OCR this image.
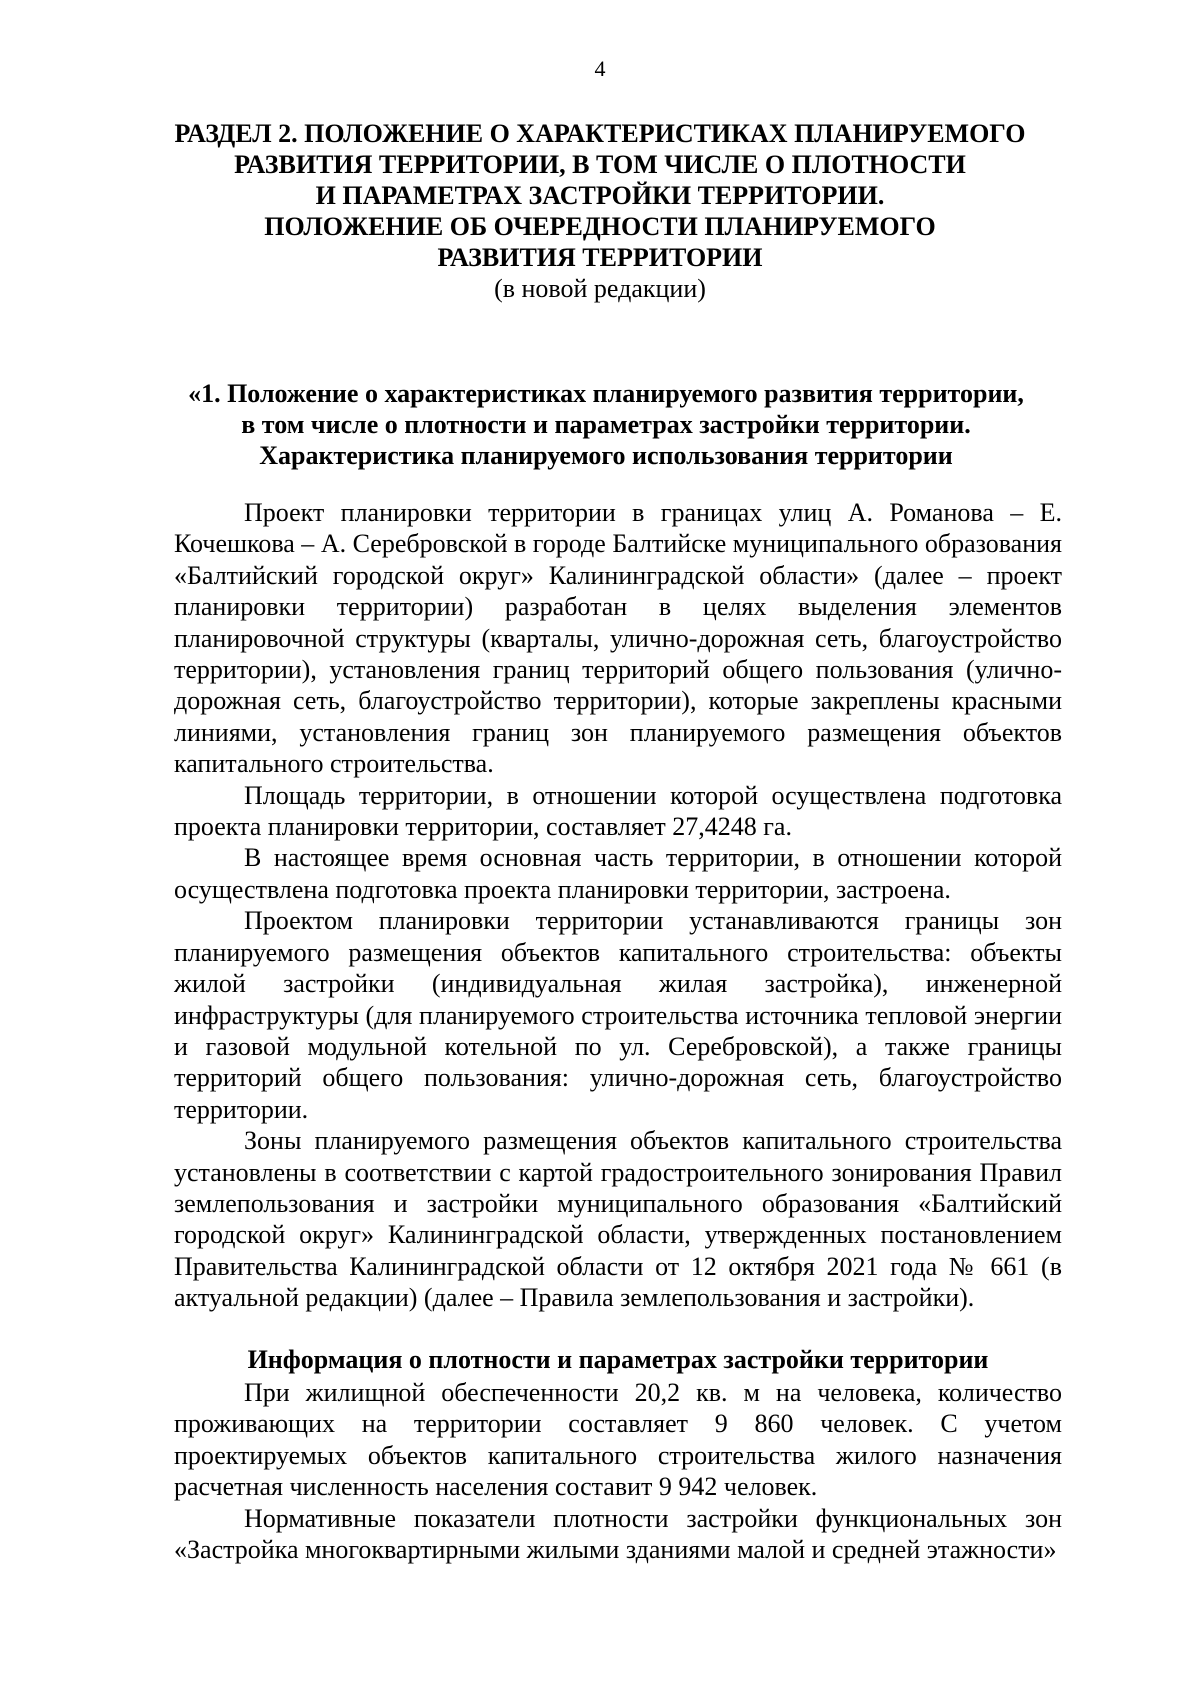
4
РАЗДЕЛ 2. ПОЛОЖЕНИЕ О ХАРАКТЕРИСТИКАХ ПЛАНИРУЕМОГО
РАЗВИТИЯ ТЕРРИТОРИИ, В ТОМ ЧИСЛЕ О ПЛОТНОСТИ
И ПАРАМЕТРАХ ЗАСТРОЙКИ ТЕРРИТОРИИ.
ПОЛОЖЕНИЕ ОБ ОЧЕРЕДНОСТИ ПЛАНИРУЕМОГО
РАЗВИТИЯ ТЕРРИТОРИИ
(в новой редакции)
«1. Положение о характеристиках планируемого развития территории,
в том числе о плотности и параметрах застройки территории.
Характеристика планируемого использования территории

Проект планировки территории в границах улиц А. Романова – Е. Кочешкова – А. Серебровской в городе Балтийске муниципального образования «Балтийский городской округ» Калининградской области» (далее – проект планировки территории) разработан в целях выделения элементов планировочной структуры (кварталы, улично-дорожная сеть, благоустройство территории), установления границ территорий общего пользования (улично-дорожная сеть, благоустройство территории), которые закреплены красными линиями, установления границ зон планируемого размещения объектов капитального строительства.

Площадь территории, в отношении которой осуществлена подготовка проекта планировки территории, составляет 27,4248 га.

В настоящее время основная часть территории, в отношении которой осуществлена подготовка проекта планировки территории, застроена.

Проектом планировки территории устанавливаются границы зон планируемого размещения объектов капитального строительства: объекты жилой застройки (индивидуальная жилая застройка), инженерной инфраструктуры (для планируемого строительства источника тепловой энергии и газовой модульной котельной по ул. Серебровской), а также границы территорий общего пользования: улично-дорожная сеть, благоустройство территории.

Зоны планируемого размещения объектов капитального строительства установлены в соответствии с картой градостроительного зонирования Правил землепользования и застройки муниципального образования «Балтийский городской округ» Калининградской области, утвержденных постановлением Правительства Калининградской области от 12 октября 2021 года № 661 (в актуальной редакции) (далее – Правила землепользования и застройки).

Информация о плотности и параметрах застройки территории

При жилищной обеспеченности 20,2 кв. м на человека, количество проживающих на территории составляет 9 860 человек. С учетом проектируемых объектов капитального строительства жилого назначения расчетная численность населения составит 9 942 человек.

Нормативные показатели плотности застройки функциональных зон «Застройка многоквартирными жилыми зданиями малой и средней этажности»
